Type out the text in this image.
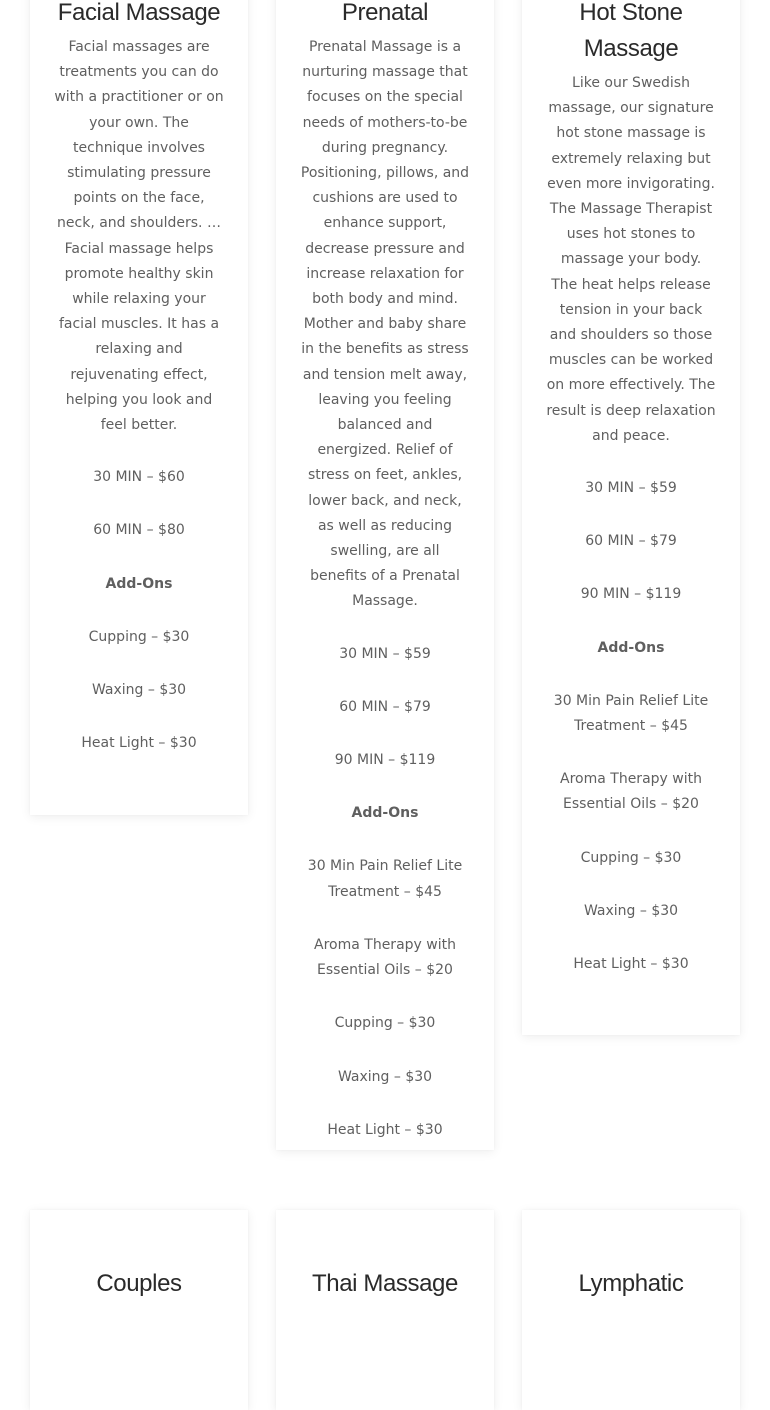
Facial Massage

Facial massages are treatments you can do with a practitioner or on your own. The technique involves stimulating pressure points on the face, neck, and shoulders. … Facial massage helps promote healthy skin while relaxing your facial muscles. It has a relaxing and rejuvenating effect, helping you look and feel better.

30 MIN – $60

60 MIN – $80

Add-Ons

Cupping – $30

Waxing – $30

Heat Light – $30

Prenatal

Prenatal Massage is a nurturing massage that focuses on the special needs of mothers-to-be during pregnancy. Positioning, pillows, and cushions are used to enhance support, decrease pressure and increase relaxation for both body and mind. Mother and baby share in the benefits as stress and tension melt away, leaving you feeling balanced and energized. Relief of stress on feet, ankles, lower back, and neck, as well as reducing swelling, are all benefits of a Prenatal Massage.

30 MIN – $59

60 MIN – $79

90 MIN – $119

Add-Ons

30 Min Pain Relief Lite Treatment – $45

Aroma Therapy with Essential Oils – $20

Cupping – $30

Waxing – $30

Heat Light – $30

Hot Stone Massage

Like our Swedish massage, our signature hot stone massage is extremely relaxing but even more invigorating. The Massage Therapist uses hot stones to massage your body. The heat helps release tension in your back and shoulders so those muscles can be worked on more effectively. The result is deep relaxation and peace.

30 MIN – $59

60 MIN – $79

90 MIN – $119

Add-Ons

30 Min Pain Relief Lite Treatment – $45

Aroma Therapy with Essential Oils – $20

Cupping – $30

Waxing – $30

Heat Light – $30

Couples	Thai Massage	Lymphatic
